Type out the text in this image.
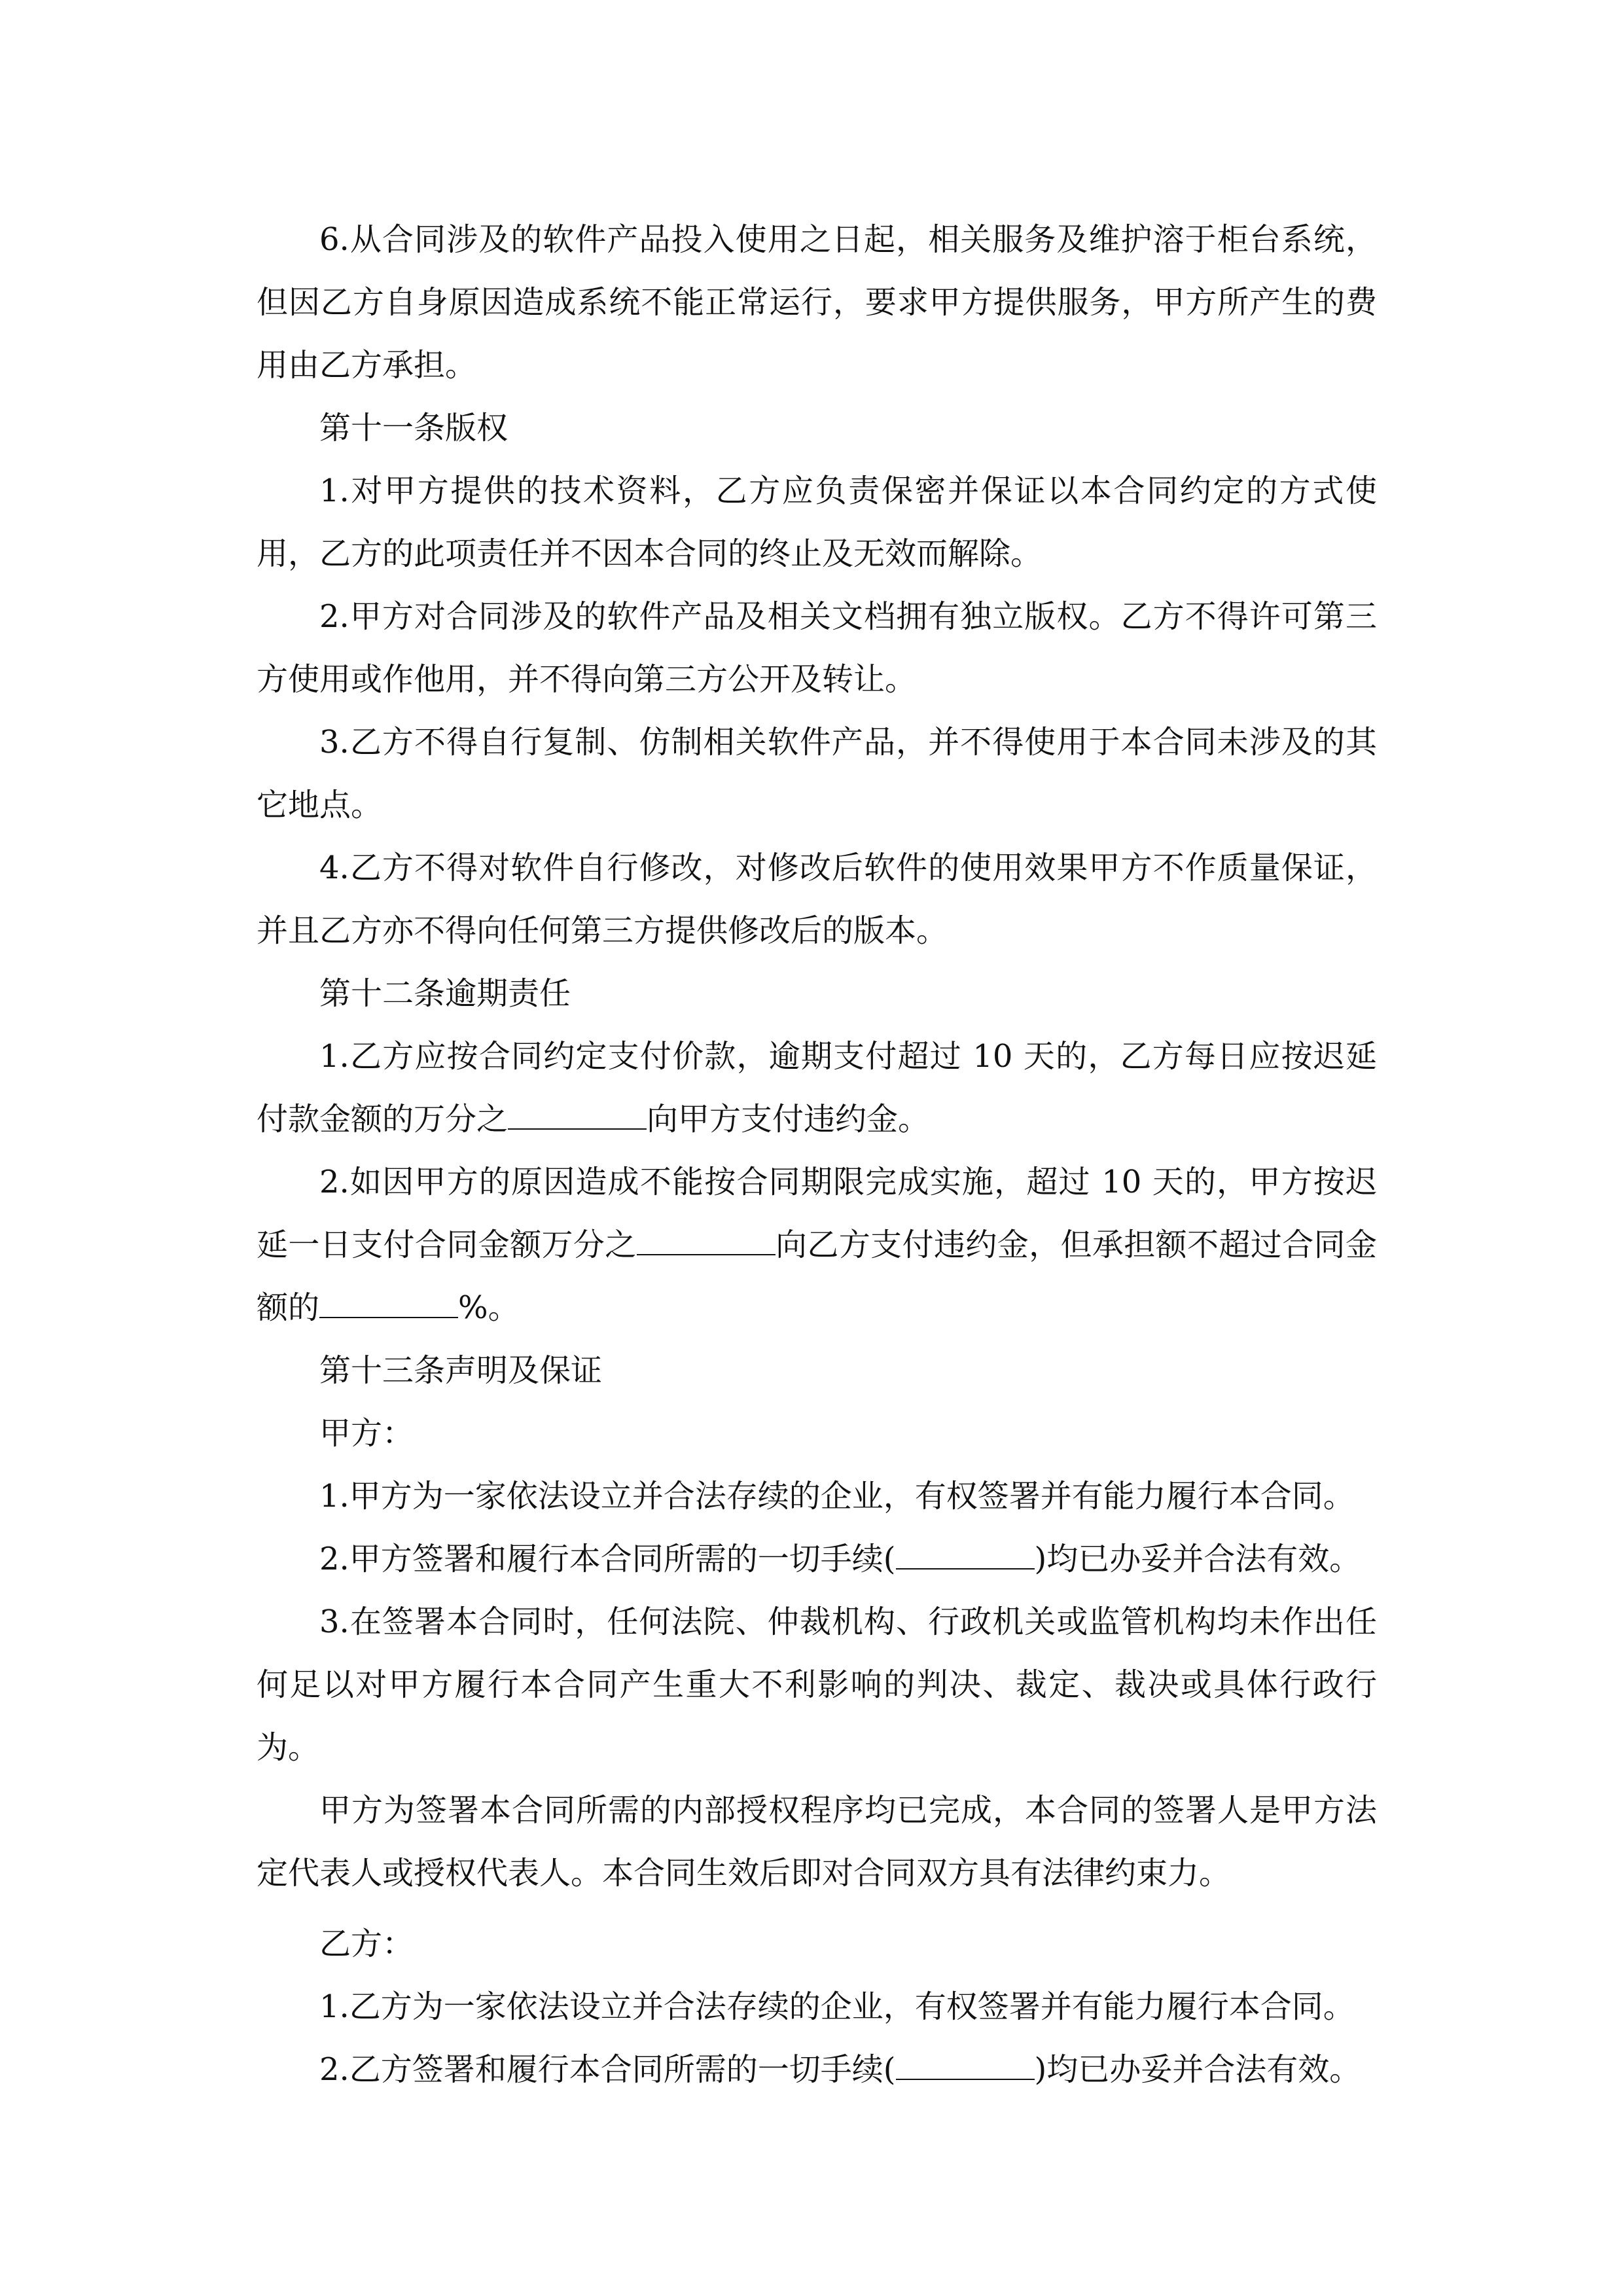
6.从合同涉及的软件产品投入使用之日起，相关服务及维护溶于柜台系统，但因乙方自身原因造成系统不能正常运行，要求甲方提供服务，甲方所产生的费用由乙方承担。

第十一条版权

1.对甲方提供的技术资料，乙方应负责保密并保证以本合同约定的方式使用，乙方的此项责任并不因本合同的终止及无效而解除。

2.甲方对合同涉及的软件产品及相关文档拥有独立版权。乙方不得许可第三方使用或作他用，并不得向第三方公开及转让。

3.乙方不得自行复制、仿制相关软件产品，并不得使用于本合同未涉及的其它地点。

4.乙方不得对软件自行修改，对修改后软件的使用效果甲方不作质量保证，并且乙方亦不得向任何第三方提供修改后的版本。

第十二条逾期责任

1.乙方应按合同约定支付价款，逾期支付超过 10 天的，乙方每日应按迟延付款金额的万分之	向甲方支付违约金。

2.如因甲方的原因造成不能按合同期限完成实施，超过 10 天的，甲方按迟延一日支付合同金额万分之	向乙方支付违约金，但承担额不超过合同金额的	%。

第十三条声明及保证

甲方：

1.甲方为一家依法设立并合法存续的企业，有权签署并有能力履行本合同。

2.甲方签署和履行本合同所需的一切手续(	)均已办妥并合法有效。

3.在签署本合同时，任何法院、仲裁机构、行政机关或监管机构均未作出任何足以对甲方履行本合同产生重大不利影响的判决、裁定、裁决或具体行政行为。

甲方为签署本合同所需的内部授权程序均已完成，本合同的签署人是甲方法定代表人或授权代表人。本合同生效后即对合同双方具有法律约束力。

乙方：

1.乙方为一家依法设立并合法存续的企业，有权签署并有能力履行本合同。

2.乙方签署和履行本合同所需的一切手续(	)均已办妥并合法有效。
